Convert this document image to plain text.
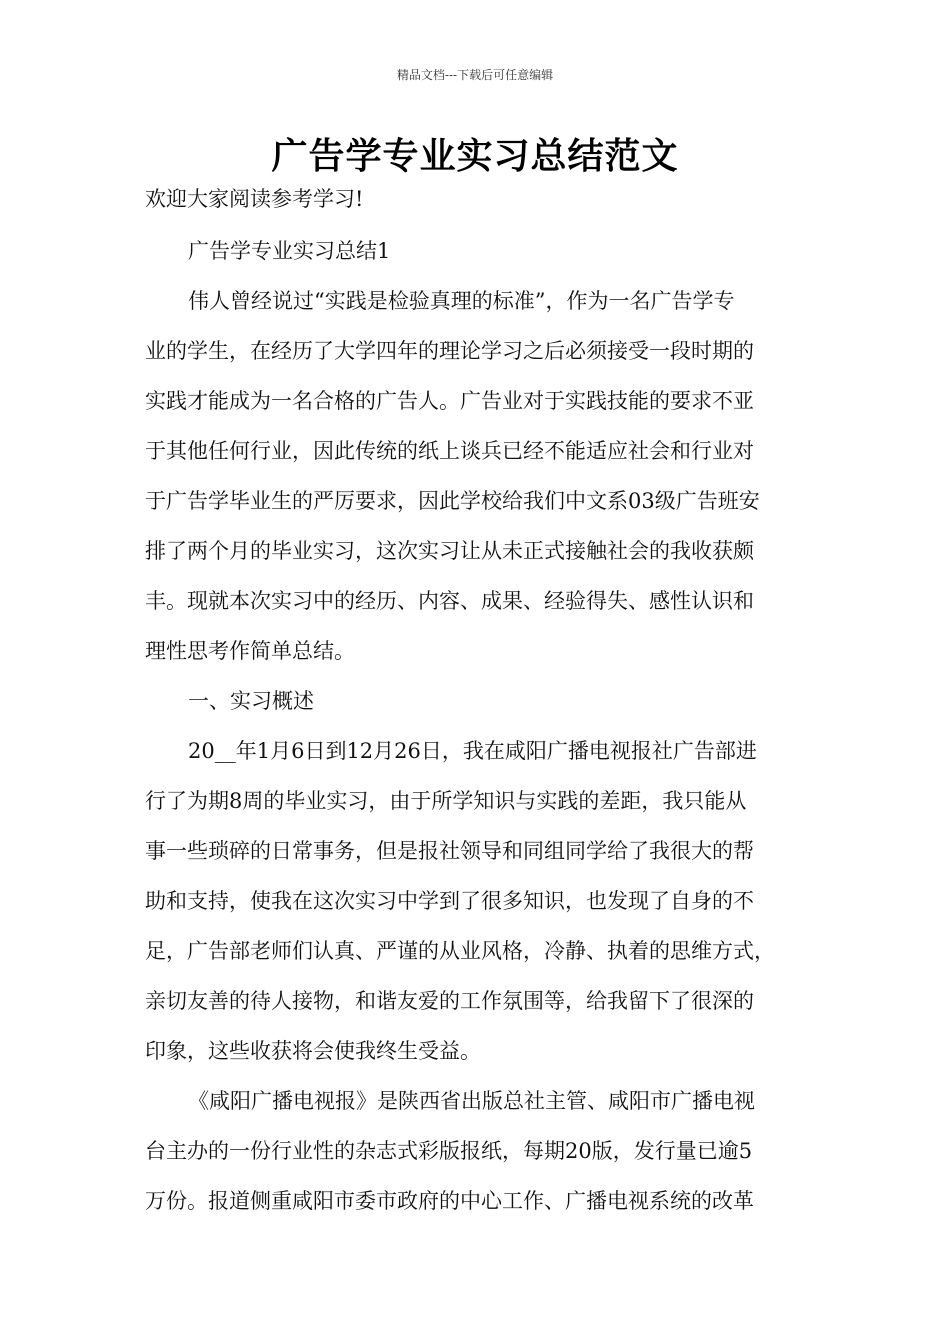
精品文档---下载后可任意编辑
广告学专业实习总结范文
欢迎大家阅读参考学习!
广告学专业实习总结1
伟人曾经说过“实践是检验真理的标准”，作为一名广告学专
业的学生，在经历了大学四年的理论学习之后必须接受一段时期的
实践才能成为一名合格的广告人。广告业对于实践技能的要求不亚
于其他任何行业，因此传统的纸上谈兵已经不能适应社会和行业对
于广告学毕业生的严厉要求，因此学校给我们中文系03级广告班安
排了两个月的毕业实习，这次实习让从未正式接触社会的我收获颇
丰。现就本次实习中的经历、内容、成果、经验得失、感性认识和
理性思考作简单总结。
一、实习概述
20__年1月6日到12月26日，我在咸阳广播电视报社广告部进
行了为期8周的毕业实习，由于所学知识与实践的差距，我只能从
事一些琐碎的日常事务，但是报社领导和同组同学给了我很大的帮
助和支持，使我在这次实习中学到了很多知识，也发现了自身的不
足，广告部老师们认真、严谨的从业风格，冷静、执着的思维方式，
亲切友善的待人接物，和谐友爱的工作氛围等，给我留下了很深的
印象，这些收获将会使我终生受益。
《咸阳广播电视报》是陕西省出版总社主管、咸阳市广播电视
台主办的一份行业性的杂志式彩版报纸，每期20版，发行量已逾5
万份。报道侧重咸阳市委市政府的中心工作、广播电视系统的改革
